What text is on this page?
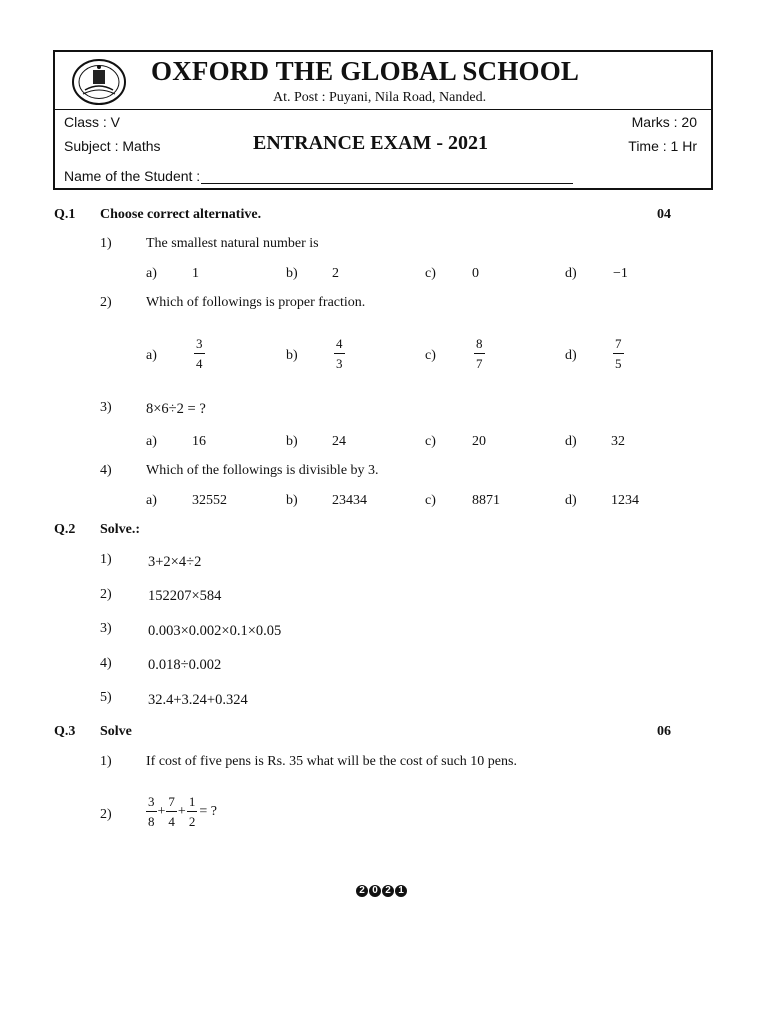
OXFORD THE GLOBAL SCHOOL
At. Post : Puyani, Nila Road, Nanded.
Class : V	Marks : 20
Subject : Maths	ENTRANCE EXAM - 2021	Time : 1 Hr
Name of the Student :
Q.1 Choose correct alternative.	04
1) The smallest natural number is
a)	1	b) 2	c)	0	d)	−1
2) Which of followings is proper fraction.
a)	$\frac{3}{4}$	b)	$\frac{4}{3}$	c)	$\frac{8}{7}$	d)	$\frac{7}{5}$
3) 8×6÷2 = ?
a)	16	b) 24	c)	20	d) 32
4) Which of the followings is divisible by 3.
a)	32552	b) 23434	c)	8871	d) 1234
Q.2 Solve.:
1)	3+2×4÷2
2)	152207×584
3)	0.003×0.002×0.1×0.05
4)	0.018÷0.002
5)	32.4+3.24+0.324
Q.3 Solve	06
1) If cost of five pens is Rs. 35 what will be the cost of such 10 pens.
2)	$\frac{3}{8} + \frac{7}{4} + \frac{1}{2}$ = ?
2 0 2 1
